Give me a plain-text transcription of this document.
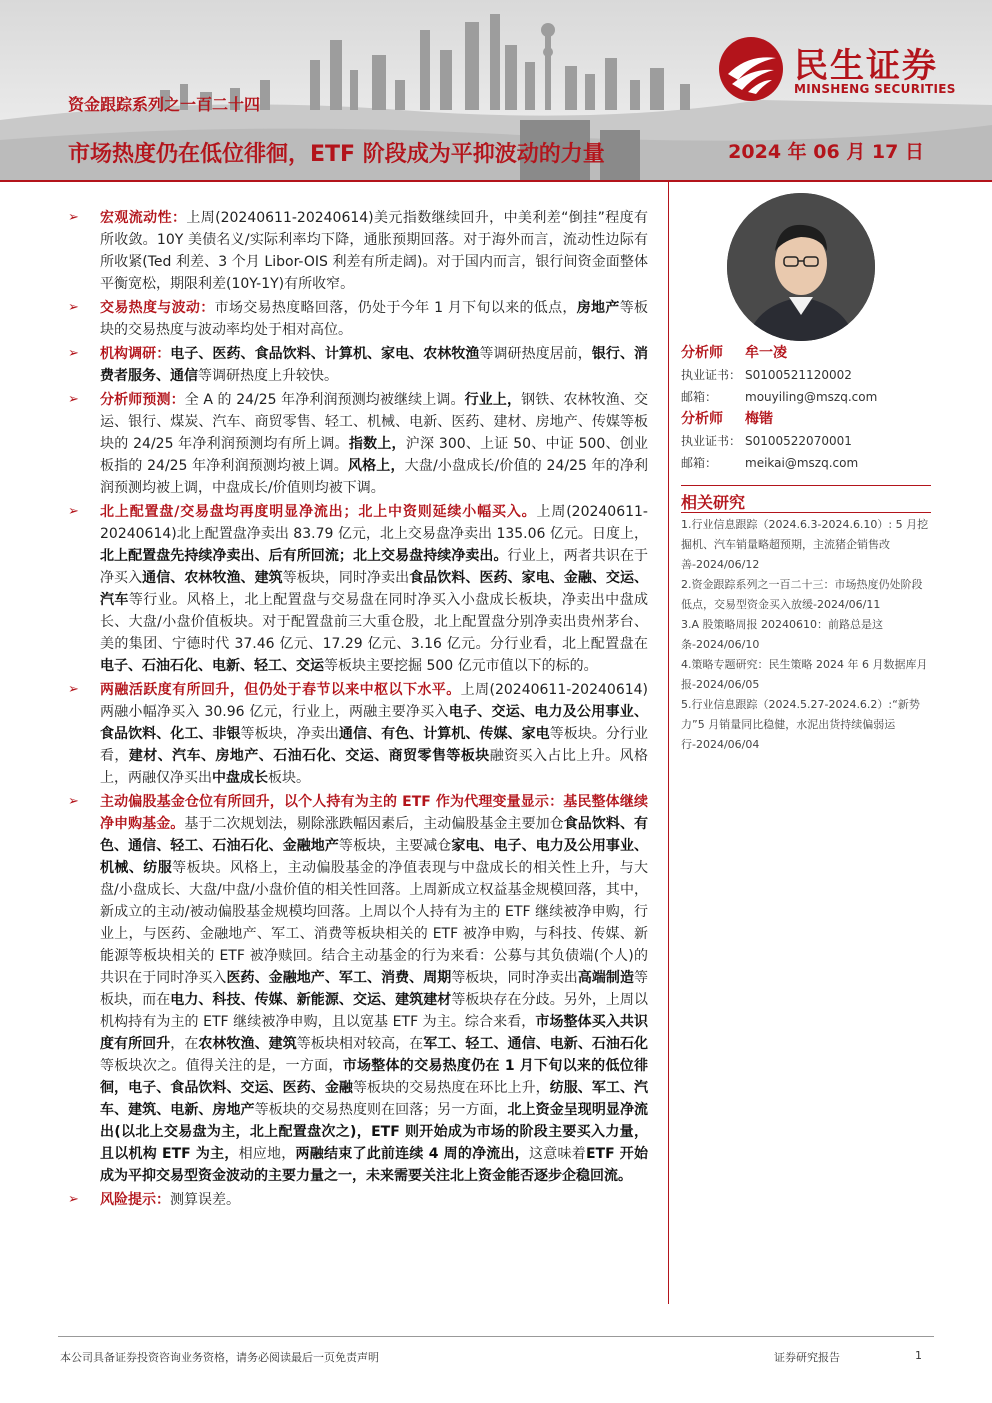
民生证券
MINSHENG SECURITIES
资金跟踪系列之一百二十四
市场热度仍在低位徘徊，ETF 阶段成为平抑波动的力量	2024 年 06 月 17 日
➢ 宏观流动性：上周(20240611-20240614)美元指数继续回升，中美利差“倒挂”程度有所收敛。10Y 美债名义/实际利率均下降，通胀预期回落。对于海外而言，流动性边际有所收紧(Ted 利差、3 个月 Libor-OIS 利差有所走阔)。对于国内而言，银行间资金面整体平衡宽松，期限利差(10Y-1Y)有所收窄。
➢ 交易热度与波动：市场交易热度略回落，仍处于今年 1 月下旬以来的低点，房地产等板块的交易热度与波动率均处于相对高位。
➢ 机构调研：电子、医药、食品饮料、计算机、家电、农林牧渔等调研热度居前，银行、消费者服务、通信等调研热度上升较快。
➢ 分析师预测：全 A 的 24/25 年净利润预测均被继续上调。行业上，钢铁、农林牧渔、交运、银行、煤炭、汽车、商贸零售、轻工、机械、电新、医药、建材、房地产、传媒等板块的 24/25 年净利润预测均有所上调。指数上，沪深 300、上证 50、中证 500、创业板指的 24/25 年净利润预测均被上调。风格上，大盘/小盘成长/价值的 24/25 年的净利润预测均被上调，中盘成长/价值则均被下调。
➢ 北上配置盘/交易盘均再度明显净流出；北上中资则延续小幅买入。上周(20240611-20240614)北上配置盘净卖出 83.79 亿元，北上交易盘净卖出 135.06 亿元。日度上，北上配置盘先持续净卖出、后有所回流；北上交易盘持续净卖出。行业上，两者共识在于净买入通信、农林牧渔、建筑等板块，同时净卖出食品饮料、医药、家电、金融、交运、汽车等行业。风格上，北上配置盘与交易盘在同时净买入小盘成长板块，净卖出中盘成长、大盘/小盘价值板块。对于配置盘前三大重仓股，北上配置盘分别净卖出贵州茅台、美的集团、宁德时代 37.46 亿元、17.29 亿元、3.16 亿元。分行业看，北上配置盘在电子、石油石化、电新、轻工、交运等板块主要挖掘 500 亿元市值以下的标的。
➢ 两融活跃度有所回升，但仍处于春节以来中枢以下水平。上周(20240611-20240614)两融小幅净买入 30.96 亿元，行业上，两融主要净买入电子、交运、电力及公用事业、食品饮料、化工、非银等板块，净卖出通信、有色、计算机、传媒、家电等板块。分行业看，建材、汽车、房地产、石油石化、交运、商贸零售等板块融资买入占比上升。风格上，两融仅净买出中盘成长板块。
➢ 主动偏股基金仓位有所回升，以个人持有为主的 ETF 作为代理变量显示：基民整体继续净申购基金。基于二次规划法，剔除涨跌幅因素后，主动偏股基金主要加仓食品饮料、有色、通信、轻工、石油石化、金融地产等板块，主要减仓家电、电子、电力及公用事业、机械、纺服等板块。风格上，主动偏股基金的净值表现与中盘成长的相关性上升，与大盘/小盘成长、大盘/中盘/小盘价值的相关性回落。上周新成立权益基金规模回落，其中，新成立的主动/被动偏股基金规模均回落。上周以个人持有为主的 ETF 继续被净申购，行业上，与医药、金融地产、军工、消费等板块相关的 ETF 被净申购，与科技、传媒、新能源等板块相关的 ETF 被净赎回。结合主动基金的行为来看：公募与其负债端(个人)的共识在于同时净买入医药、金融地产、军工、消费、周期等板块，同时净卖出高端制造等板块，而在电力、科技、传媒、新能源、交运、建筑建材等板块存在分歧。另外，上周以机构持有为主的 ETF 继续被净申购，且以宽基 ETF 为主。综合来看，市场整体买入共识度有所回升，在农林牧渔、建筑等板块相对较高，在军工、轻工、通信、电新、石油石化等板块次之。值得关注的是，一方面，市场整体的交易热度仍在 1 月下旬以来的低位徘徊，电子、食品饮料、交运、医药、金融等板块的交易热度在环比上升，纺服、军工、汽车、建筑、电新、房地产等板块的交易热度则在回落；另一方面，北上资金呈现明显净流出(以北上交易盘为主，北上配置盘次之)，ETF 则开始成为市场的阶段主要买入力量，且以机构 ETF 为主，相应地，两融结束了此前连续 4 周的净流出，这意味着ETF 开始成为平抑交易型资金波动的主要力量之一，未来需要关注北上资金能否逐步企稳回流。
➢ 风险提示：测算误差。
分析师 牟一凌
执业证书： S0100521120002
邮箱： mouyiling@mszq.com
分析师 梅锴
执业证书： S0100522070001
邮箱： meikai@mszq.com
相关研究
1.行业信息跟踪（2024.6.3-2024.6.10）: 5 月挖掘机、汽车销量略超预期，主流猪企销售改善-2024/06/12
2.资金跟踪系列之一百二十三：市场热度仍处阶段低点，交易型资金买入放缓-2024/06/11
3.A 股策略周报 20240610：前路总是这条-2024/06/10
4.策略专题研究：民生策略 2024 年 6 月数据库月报-2024/06/05
5.行业信息跟踪（2024.5.27-2024.6.2）:“新势力”5 月销量同比稳健，水泥出货持续偏弱运行-2024/06/04
本公司具备证券投资咨询业务资格，请务必阅读最后一页免责声明	证券研究报告	1
